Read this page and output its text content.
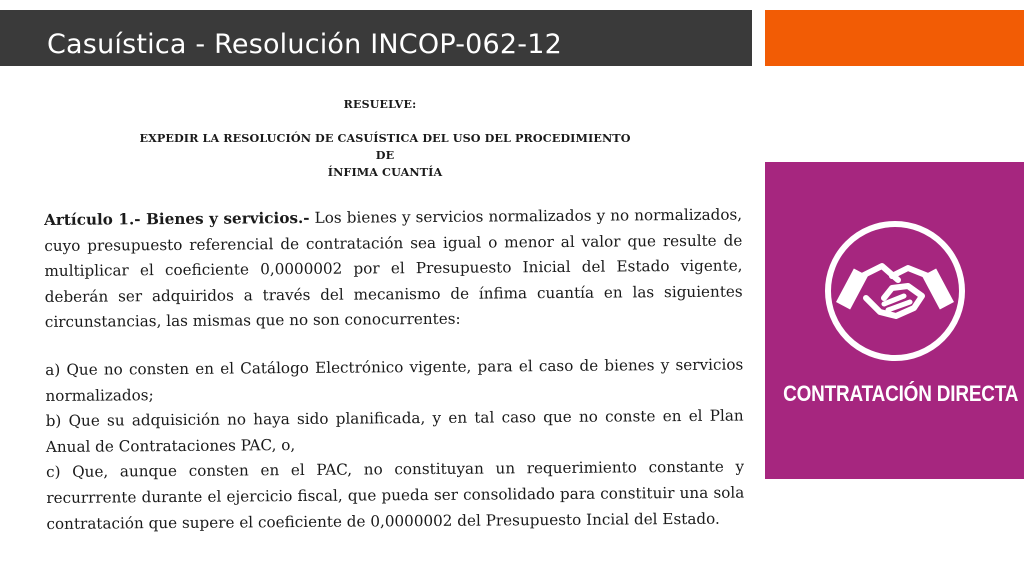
Casuística - Resolución INCOP-062-12
RESUELVE:
EXPEDIR LA RESOLUCIÓN DE CASUÍSTICA DEL USO DEL PROCEDIMIENTO DE
ÍNFIMA CUANTÍA

Artículo 1.- Bienes y servicios.- Los bienes y servicios normalizados y no normalizados, cuyo presupuesto referencial de contratación sea igual o menor al valor que resulte de multiplicar el coeficiente 0,0000002 por el Presupuesto Inicial del Estado vigente, deberán ser adquiridos a través del mecanismo de ínfima cuantía en las siguientes circunstancias, las mismas que no son conocurrentes:

a) Que no consten en el Catálogo Electrónico vigente, para el caso de bienes y servicios normalizados;

b) Que su adquisición no haya sido planificada, y en tal caso que no conste en el Plan Anual de Contrataciones PAC, o,

c) Que, aunque consten en el PAC, no constituyan un requerimiento constante y recurrrente durante el ejercicio fiscal, que pueda ser consolidado para constituir una sola contratación que supere el coeficiente de 0,0000002 del Presupuesto Incial del Estado.

CONTRATACIÓN DIRECTA
